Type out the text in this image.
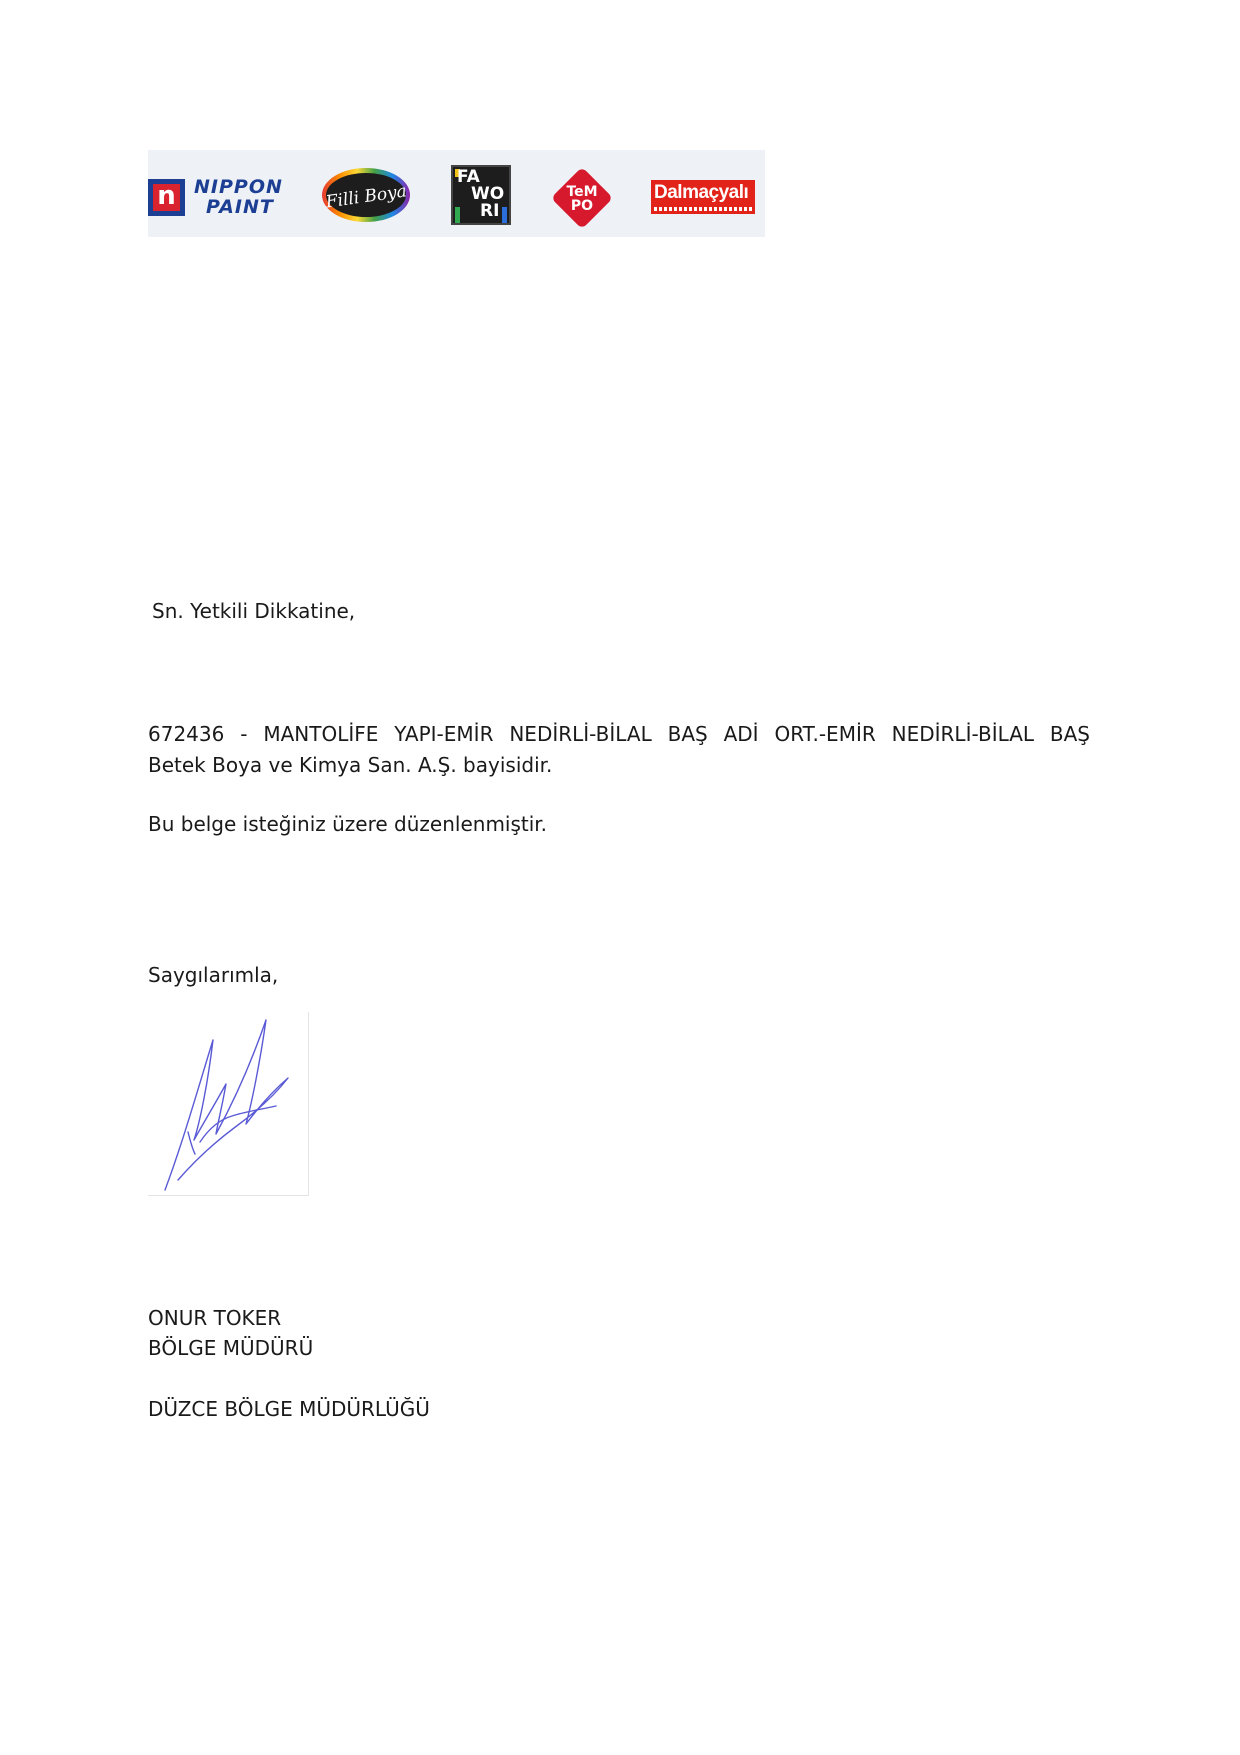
n NIPPON
PAINT	Filli Boya
FA
WO
RI
TeM
PO
Dalmaçyalı
Sn. Yetkili Dikkatine,
672436 - MANTOLİFE YAPI-EMİR NEDİRLİ-BİLAL BAŞ ADİ ORT.-EMİR NEDİRLİ-BİLAL BAŞ
Betek Boya ve Kimya San. A.Ş. bayisidir.
Bu belge isteğiniz üzere düzenlenmiştir.
Saygılarımla,
ONUR TOKER
BÖLGE MÜDÜRÜ
DÜZCE BÖLGE MÜDÜRLÜĞÜ
